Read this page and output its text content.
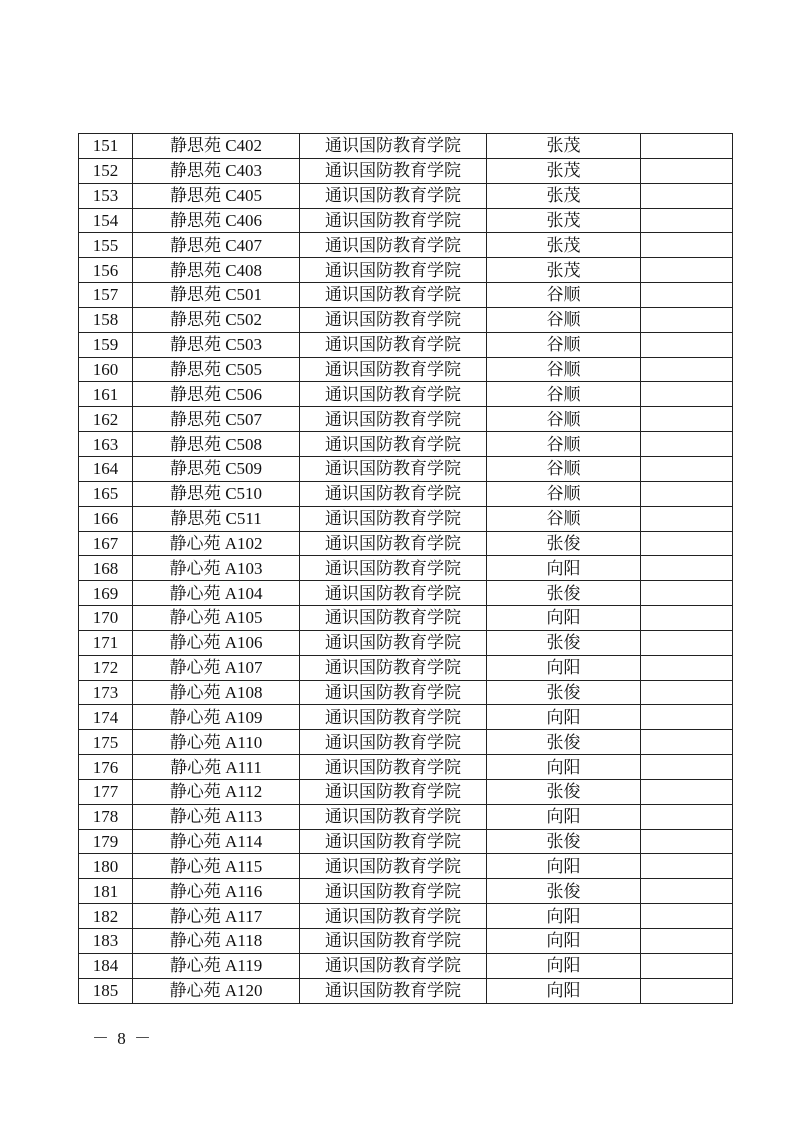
151	静思苑 C402	通识国防教育学院	张茂	
152	静思苑 C403	通识国防教育学院	张茂	
153	静思苑 C405	通识国防教育学院	张茂	
154	静思苑 C406	通识国防教育学院	张茂	
155	静思苑 C407	通识国防教育学院	张茂	
156	静思苑 C408	通识国防教育学院	张茂	
157	静思苑 C501	通识国防教育学院	谷顺	
158	静思苑 C502	通识国防教育学院	谷顺	
159	静思苑 C503	通识国防教育学院	谷顺	
160	静思苑 C505	通识国防教育学院	谷顺	
161	静思苑 C506	通识国防教育学院	谷顺	
162	静思苑 C507	通识国防教育学院	谷顺	
163	静思苑 C508	通识国防教育学院	谷顺	
164	静思苑 C509	通识国防教育学院	谷顺	
165	静思苑 C510	通识国防教育学院	谷顺	
166	静思苑 C511	通识国防教育学院	谷顺	
167	静心苑 A102	通识国防教育学院	张俊	
168	静心苑 A103	通识国防教育学院	向阳	
169	静心苑 A104	通识国防教育学院	张俊	
170	静心苑 A105	通识国防教育学院	向阳	
171	静心苑 A106	通识国防教育学院	张俊	
172	静心苑 A107	通识国防教育学院	向阳	
173	静心苑 A108	通识国防教育学院	张俊	
174	静心苑 A109	通识国防教育学院	向阳	
175	静心苑 A110	通识国防教育学院	张俊	
176	静心苑 A111	通识国防教育学院	向阳	
177	静心苑 A112	通识国防教育学院	张俊	
178	静心苑 A113	通识国防教育学院	向阳	
179	静心苑 A114	通识国防教育学院	张俊	
180	静心苑 A115	通识国防教育学院	向阳	
181	静心苑 A116	通识国防教育学院	张俊	
182	静心苑 A117	通识国防教育学院	向阳	
183	静心苑 A118	通识国防教育学院	向阳	
184	静心苑 A119	通识国防教育学院	向阳	
185	静心苑 A120	通识国防教育学院	向阳	
－ 8 －
